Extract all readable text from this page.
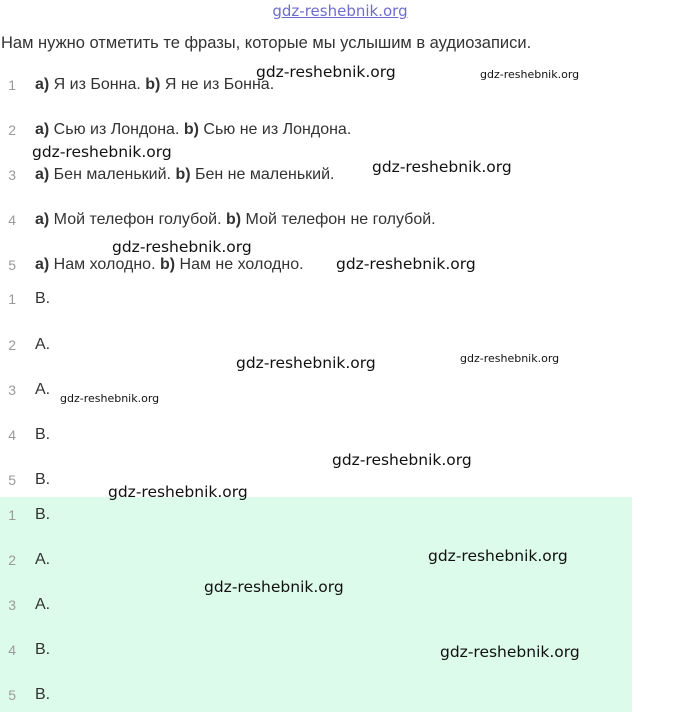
gdz-reshebnik.org
Нам нужно отметить те фразы, которые мы услышим в аудиозаписи.
1 a) Я из Бонна. b) Я не из Бонна.
2 a) Сью из Лондона. b) Сью не из Лондона.
3 a) Бен маленький. b) Бен не маленький.
4 a) Мой телефон голубой. b) Мой телефон не голубой.
5 a) Нам холодно. b) Нам не холодно.
1 B.
2 A.
3 A.
4 B.
5 B.
1 B.
2 A.
3 A.
4 B.
5 B.
gdz-reshebnik.org	gdz-reshebnik.org
gdz-reshebnik.org
gdz-reshebnik.org
gdz-reshebnik.org
gdz-reshebnik.org
gdz-reshebnik.org	gdz-reshebnik.org
gdz-reshebnik.org
gdz-reshebnik.org
gdz-reshebnik.org
gdz-reshebnik.org
gdz-reshebnik.org
gdz-reshebnik.org
